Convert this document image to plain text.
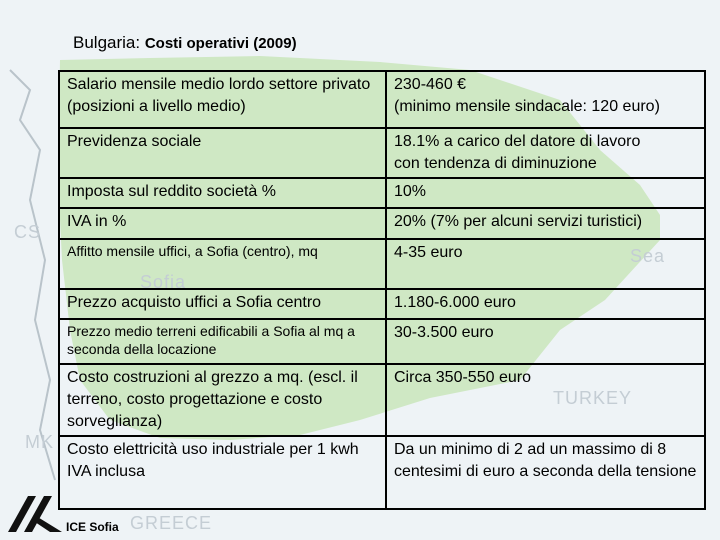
CS
Sofia
Sea
TURKEY
MK
GREECE
Bulgaria: Costi operativi (2009)
Salario mensile medio lordo settore privato (posizioni a livello medio)	230-460 €
(minimo mensile sindacale: 120 euro)

Previdenza sociale	18.1% a carico del datore di lavoro
con tendenza di diminuzione

Imposta sul reddito società %	10%
IVA in %	20% (7% per alcuni servizi turistici)
Affitto mensile uffici, a Sofia (centro), mq	4-35 euro
Prezzo acquisto uffici a Sofia centro	1.180-6.000 euro
Prezzo medio terreni edificabili a Sofia al mq a seconda della locazione	30-3.500 euro
Costo costruzioni al grezzo a mq. (escl. il terreno, costo progettazione e costo sorveglianza)	Circa 350-550 euro
Costo elettricità uso industriale per 1 kwh IVA inclusa	Da un minimo di 2 ad un massimo di 8 centesimi di euro a seconda della tensione
ICE Sofia
